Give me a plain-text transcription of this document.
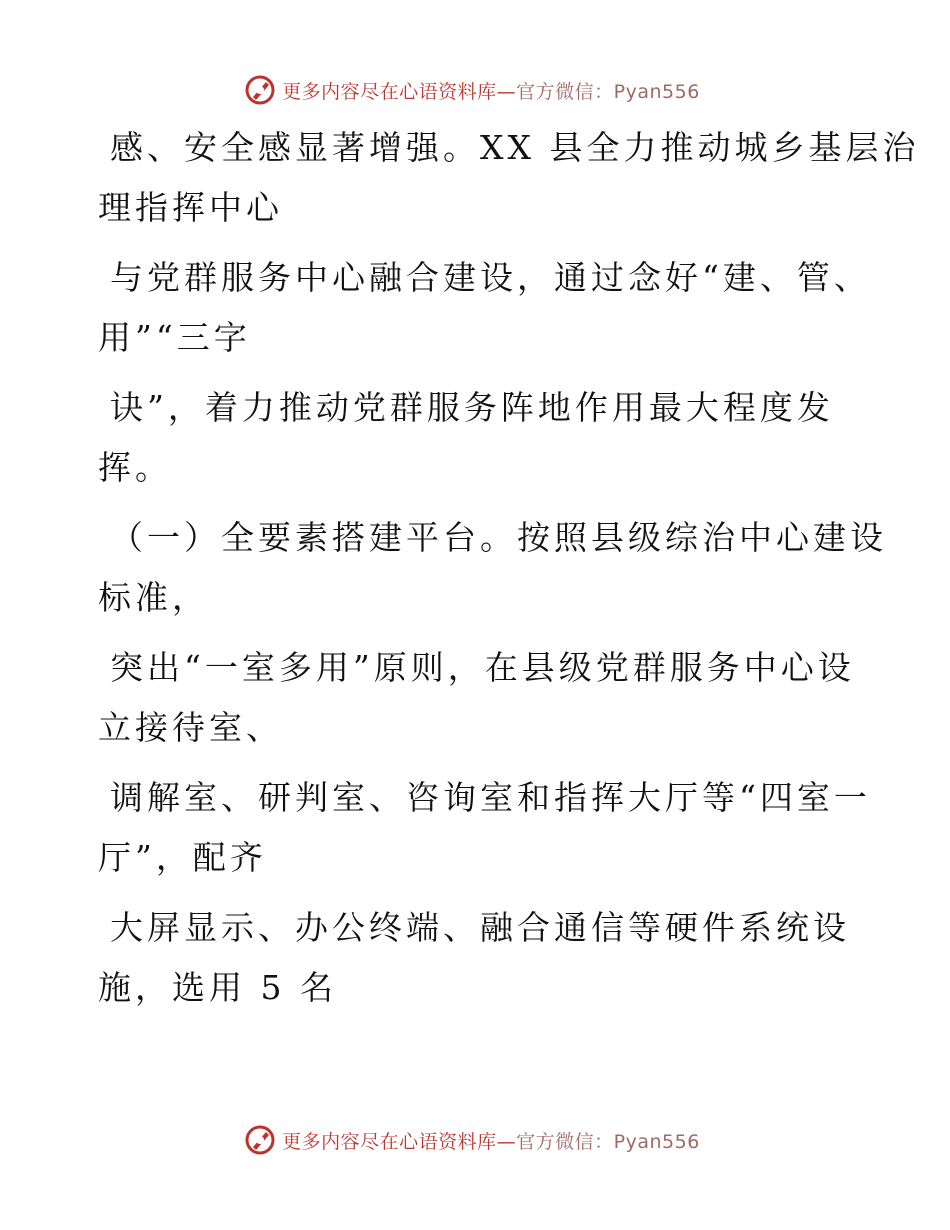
更多内容尽在心语资料库—官方微信：Pyan556

感、安全感显著增强。XX 县全力推动城乡基层治
理指挥中心

与党群服务中心融合建设，通过念好“建、管、
用”“三字

诀”，着力推动党群服务阵地作用最大程度发
挥。

（一）全要素搭建平台。按照县级综治中心建设
标准，

突出“一室多用”原则，在县级党群服务中心设
立接待室、

调解室、研判室、咨询室和指挥大厅等“四室一
厅”，配齐

大屏显示、办公终端、融合通信等硬件系统设
施，选用 5 名

更多内容尽在心语资料库—官方微信：Pyan556
